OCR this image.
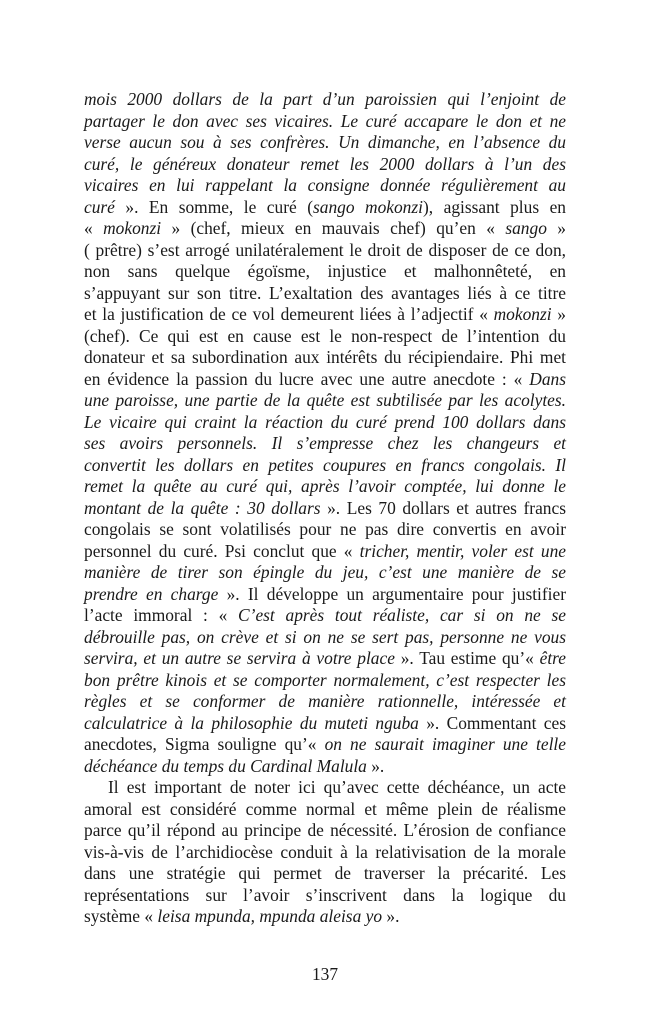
mois 2000 dollars de la part d’un paroissien qui l’enjoint de
partager le don avec ses vicaires. Le curé accapare le don et ne
verse aucun sou à ses confrères. Un dimanche, en l’absence du
curé, le généreux donateur remet les 2000 dollars à l’un des
vicaires en lui rappelant la consigne donnée régulièrement au
curé ». En somme, le curé (sango mokonzi), agissant plus en
« mokonzi » (chef, mieux en mauvais chef) qu’en « sango »
( prêtre) s’est arrogé unilatéralement le droit de disposer de ce don,
non sans quelque égoïsme, injustice et malhonnêteté, en
s’appuyant sur son titre. L’exaltation des avantages liés à ce titre
et la justification de ce vol demeurent liées à l’adjectif « mokonzi »
(chef). Ce qui est en cause est le non-respect de l’intention du
donateur et sa subordination aux intérêts du récipiendaire. Phi met
en évidence la passion du lucre avec une autre anecdote : « Dans
une paroisse, une partie de la quête est subtilisée par les acolytes.
Le vicaire qui craint la réaction du curé prend 100 dollars dans
ses avoirs personnels. Il s’empresse chez les changeurs et
convertit les dollars en petites coupures en francs congolais. Il
remet la quête au curé qui, après l’avoir comptée, lui donne le
montant de la quête : 30 dollars ». Les 70 dollars et autres francs
congolais se sont volatilisés pour ne pas dire convertis en avoir
personnel du curé. Psi conclut que « tricher, mentir, voler est une
manière de tirer son épingle du jeu, c’est une manière de se
prendre en charge ». Il développe un argumentaire pour justifier
l’acte immoral : « C’est après tout réaliste, car si on ne se
débrouille pas, on crève et si on ne se sert pas, personne ne vous
servira, et un autre se servira à votre place ». Tau estime qu’« être
bon prêtre kinois et se comporter normalement, c’est respecter les
règles et se conformer de manière rationnelle, intéressée et
calculatrice à la philosophie du muteti nguba ». Commentant ces
anecdotes, Sigma souligne qu’« on ne saurait imaginer une telle
déchéance du temps du Cardinal Malula ».
Il est important de noter ici qu’avec cette déchéance, un acte
amoral est considéré comme normal et même plein de réalisme
parce qu’il répond au principe de nécessité. L’érosion de confiance
vis-à-vis de l’archidiocèse conduit à la relativisation de la morale
dans une stratégie qui permet de traverser la précarité. Les
représentations sur l’avoir s’inscrivent dans la logique du
système « leisa mpunda, mpunda aleisa yo ».
137
